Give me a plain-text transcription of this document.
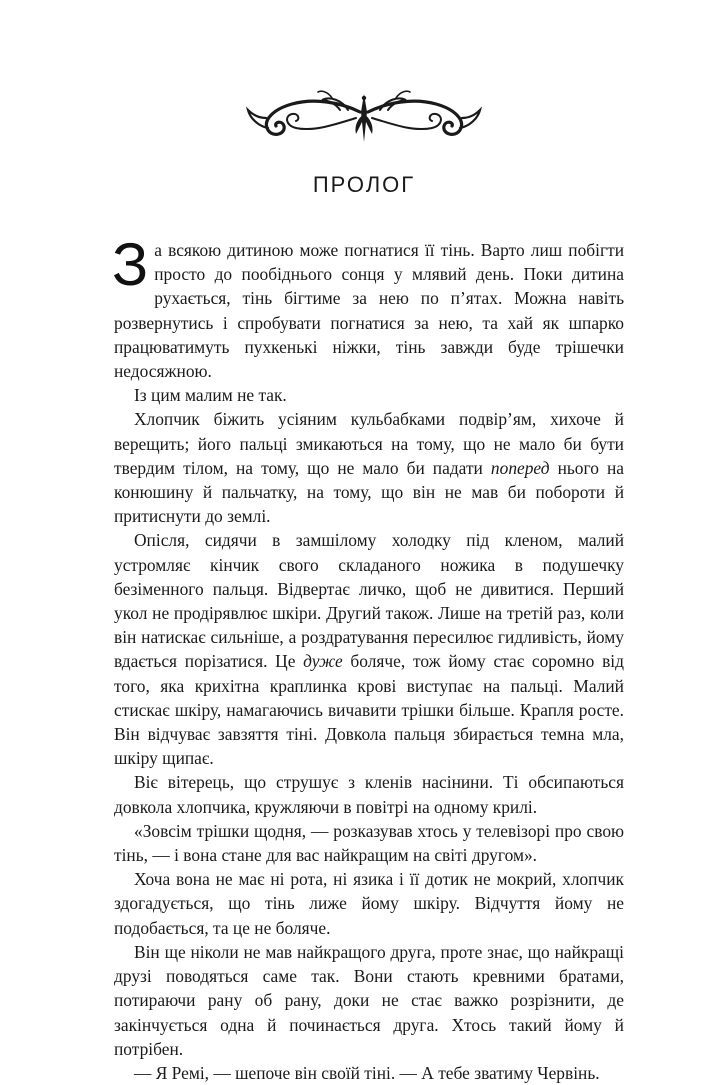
ПРОЛОГ

З а всякою дитиною може погнатися її тінь. Варто лиш побігти просто до пообіднього сонця у млявий день. Поки дитина рухається, тінь бігтиме за нею по п’ятах. Можна навіть розвернутись і спробувати погнатися за нею, та хай як шпарко працюватимуть пухкенькі ніжки, тінь завжди буде трішечки недосяжною.

Із цим малим не так.

Хлопчик біжить усіяним кульбабками подвір’ям, хихоче й верещить; його пальці змикаються на тому, що не мало би бути твердим тілом, на тому, що не мало би падати поперед нього на конюшину й пальчатку, на тому, що він не мав би побороти й притиснути до землі.

Опісля, сидячи в замшілому холодку під кленом, малий устромляє кінчик свого складаного ножика в подушечку безіменного пальця. Відвертає личко, щоб не дивитися. Перший укол не продірявлює шкіри. Другий також. Лише на третій раз, коли він натискає сильніше, а роздратування пересилює гидливість, йому вдається порізатися. Це дуже боляче, тож йому стає соромно від того, яка крихітна краплинка крові виступає на пальці. Малий стискає шкіру, намагаючись вичавити трішки більше. Крапля росте. Він відчуває завзяття тіні. Довкола пальця збирається темна мла, шкіру щипає.

Віє вітерець, що струшує з кленів насінини. Ті обсипаються довкола хлопчика, кружляючи в повітрі на одному крилі.

«Зовсім трішки щодня, — розказував хтось у телевізорі про свою тінь, — і вона стане для вас найкращим на світі другом».

Хоча вона не має ні рота, ні язика і її дотик не мокрий, хлопчик здогадується, що тінь лиже йому шкіру. Відчуття йому не подобається, та це не боляче.

Він ще ніколи не мав найкращого друга, проте знає, що найкращі друзі поводяться саме так. Вони стають кревними братами, потираючи рану об рану, доки не стає важко розрізнити, де закінчується одна й починається друга. Хтось такий йому й потрібен.

— Я Ремі, — шепоче він своїй тіні. — А тебе зватиму Червінь.
